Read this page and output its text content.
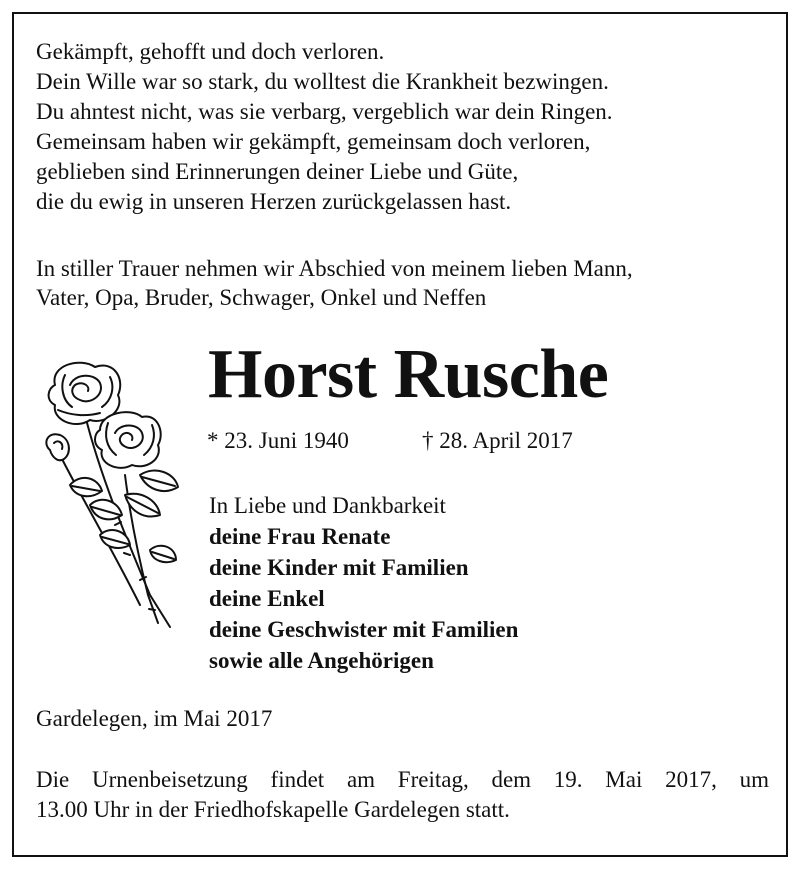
Gekämpft, gehofft und doch verloren.
Dein Wille war so stark, du wolltest die Krankheit bezwingen.
Du ahntest nicht, was sie verbarg, vergeblich war dein Ringen.
Gemeinsam haben wir gekämpft, gemeinsam doch verloren,
geblieben sind Erinnerungen deiner Liebe und Güte,
die du ewig in unseren Herzen zurückgelassen hast.
In stiller Trauer nehmen wir Abschied von meinem lieben Mann,
Vater, Opa, Bruder, Schwager, Onkel und Neffen
Horst Rusche
* 23. Juni 1940	† 28. April 2017
In Liebe und Dankbarkeit
deine Frau Renate
deine Kinder mit Familien
deine Enkel
deine Geschwister mit Familien
sowie alle Angehörigen
Gardelegen, im Mai 2017
Die Urnenbeisetzung findet am Freitag, dem 19. Mai 2017, um
13.00 Uhr in der Friedhofskapelle Gardelegen statt.
